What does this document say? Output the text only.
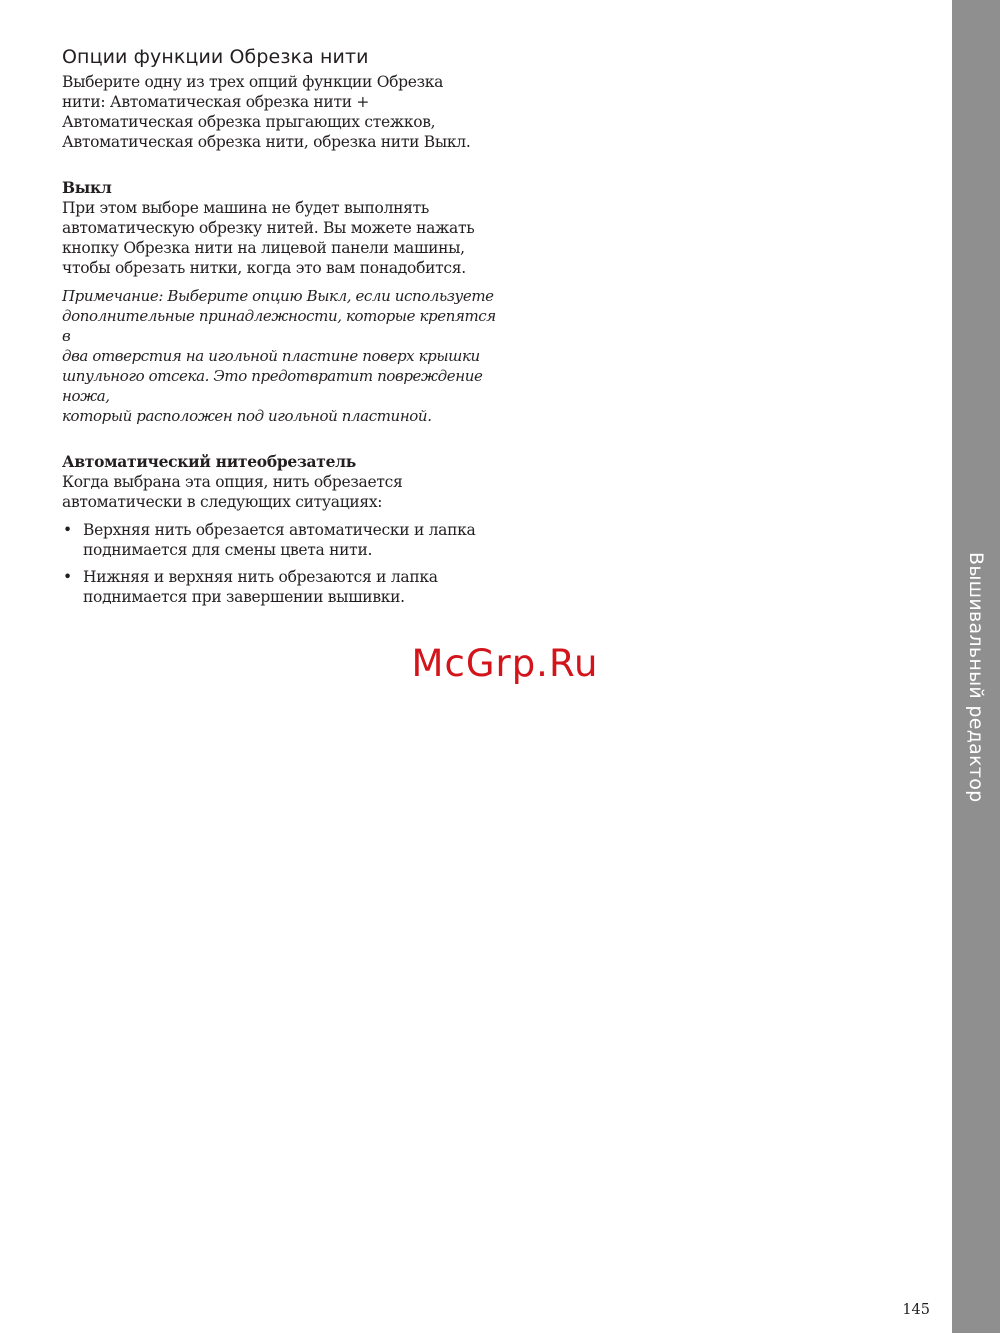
Опции функции Обрезка нити

Выберите одну из трех опций функции Обрезка
нити: Автоматическая обрезка нити +
Автоматическая обрезка прыгающих стежков,
Автоматическая обрезка нити, обрезка нити Выкл.

Выкл

При этом выборе машина не будет выполнять
автоматическую обрезку нитей. Вы можете нажать
кнопку Обрезка нити на лицевой панели машины,
чтобы обрезать нитки, когда это вам понадобится.

Примечание: Выберите опцию Выкл, если используете
дополнительные принадлежности, которые крепятся в
два отверстия на игольной пластине поверх крышки
шпульного отсека. Это предотвратит повреждение ножа,
который расположен под игольной пластиной.

Автоматический нитеобрезатель

Когда выбрана эта опция, нить обрезается
автоматически в следующих ситуациях:

• Верхняя нить обрезается автоматически и лапка
поднимается для смены цвета нити.
• Нижняя и верхняя нить обрезаются и лапка
поднимается при завершении вышивки.
McGrp.Ru	Вышивальный редактор
145
